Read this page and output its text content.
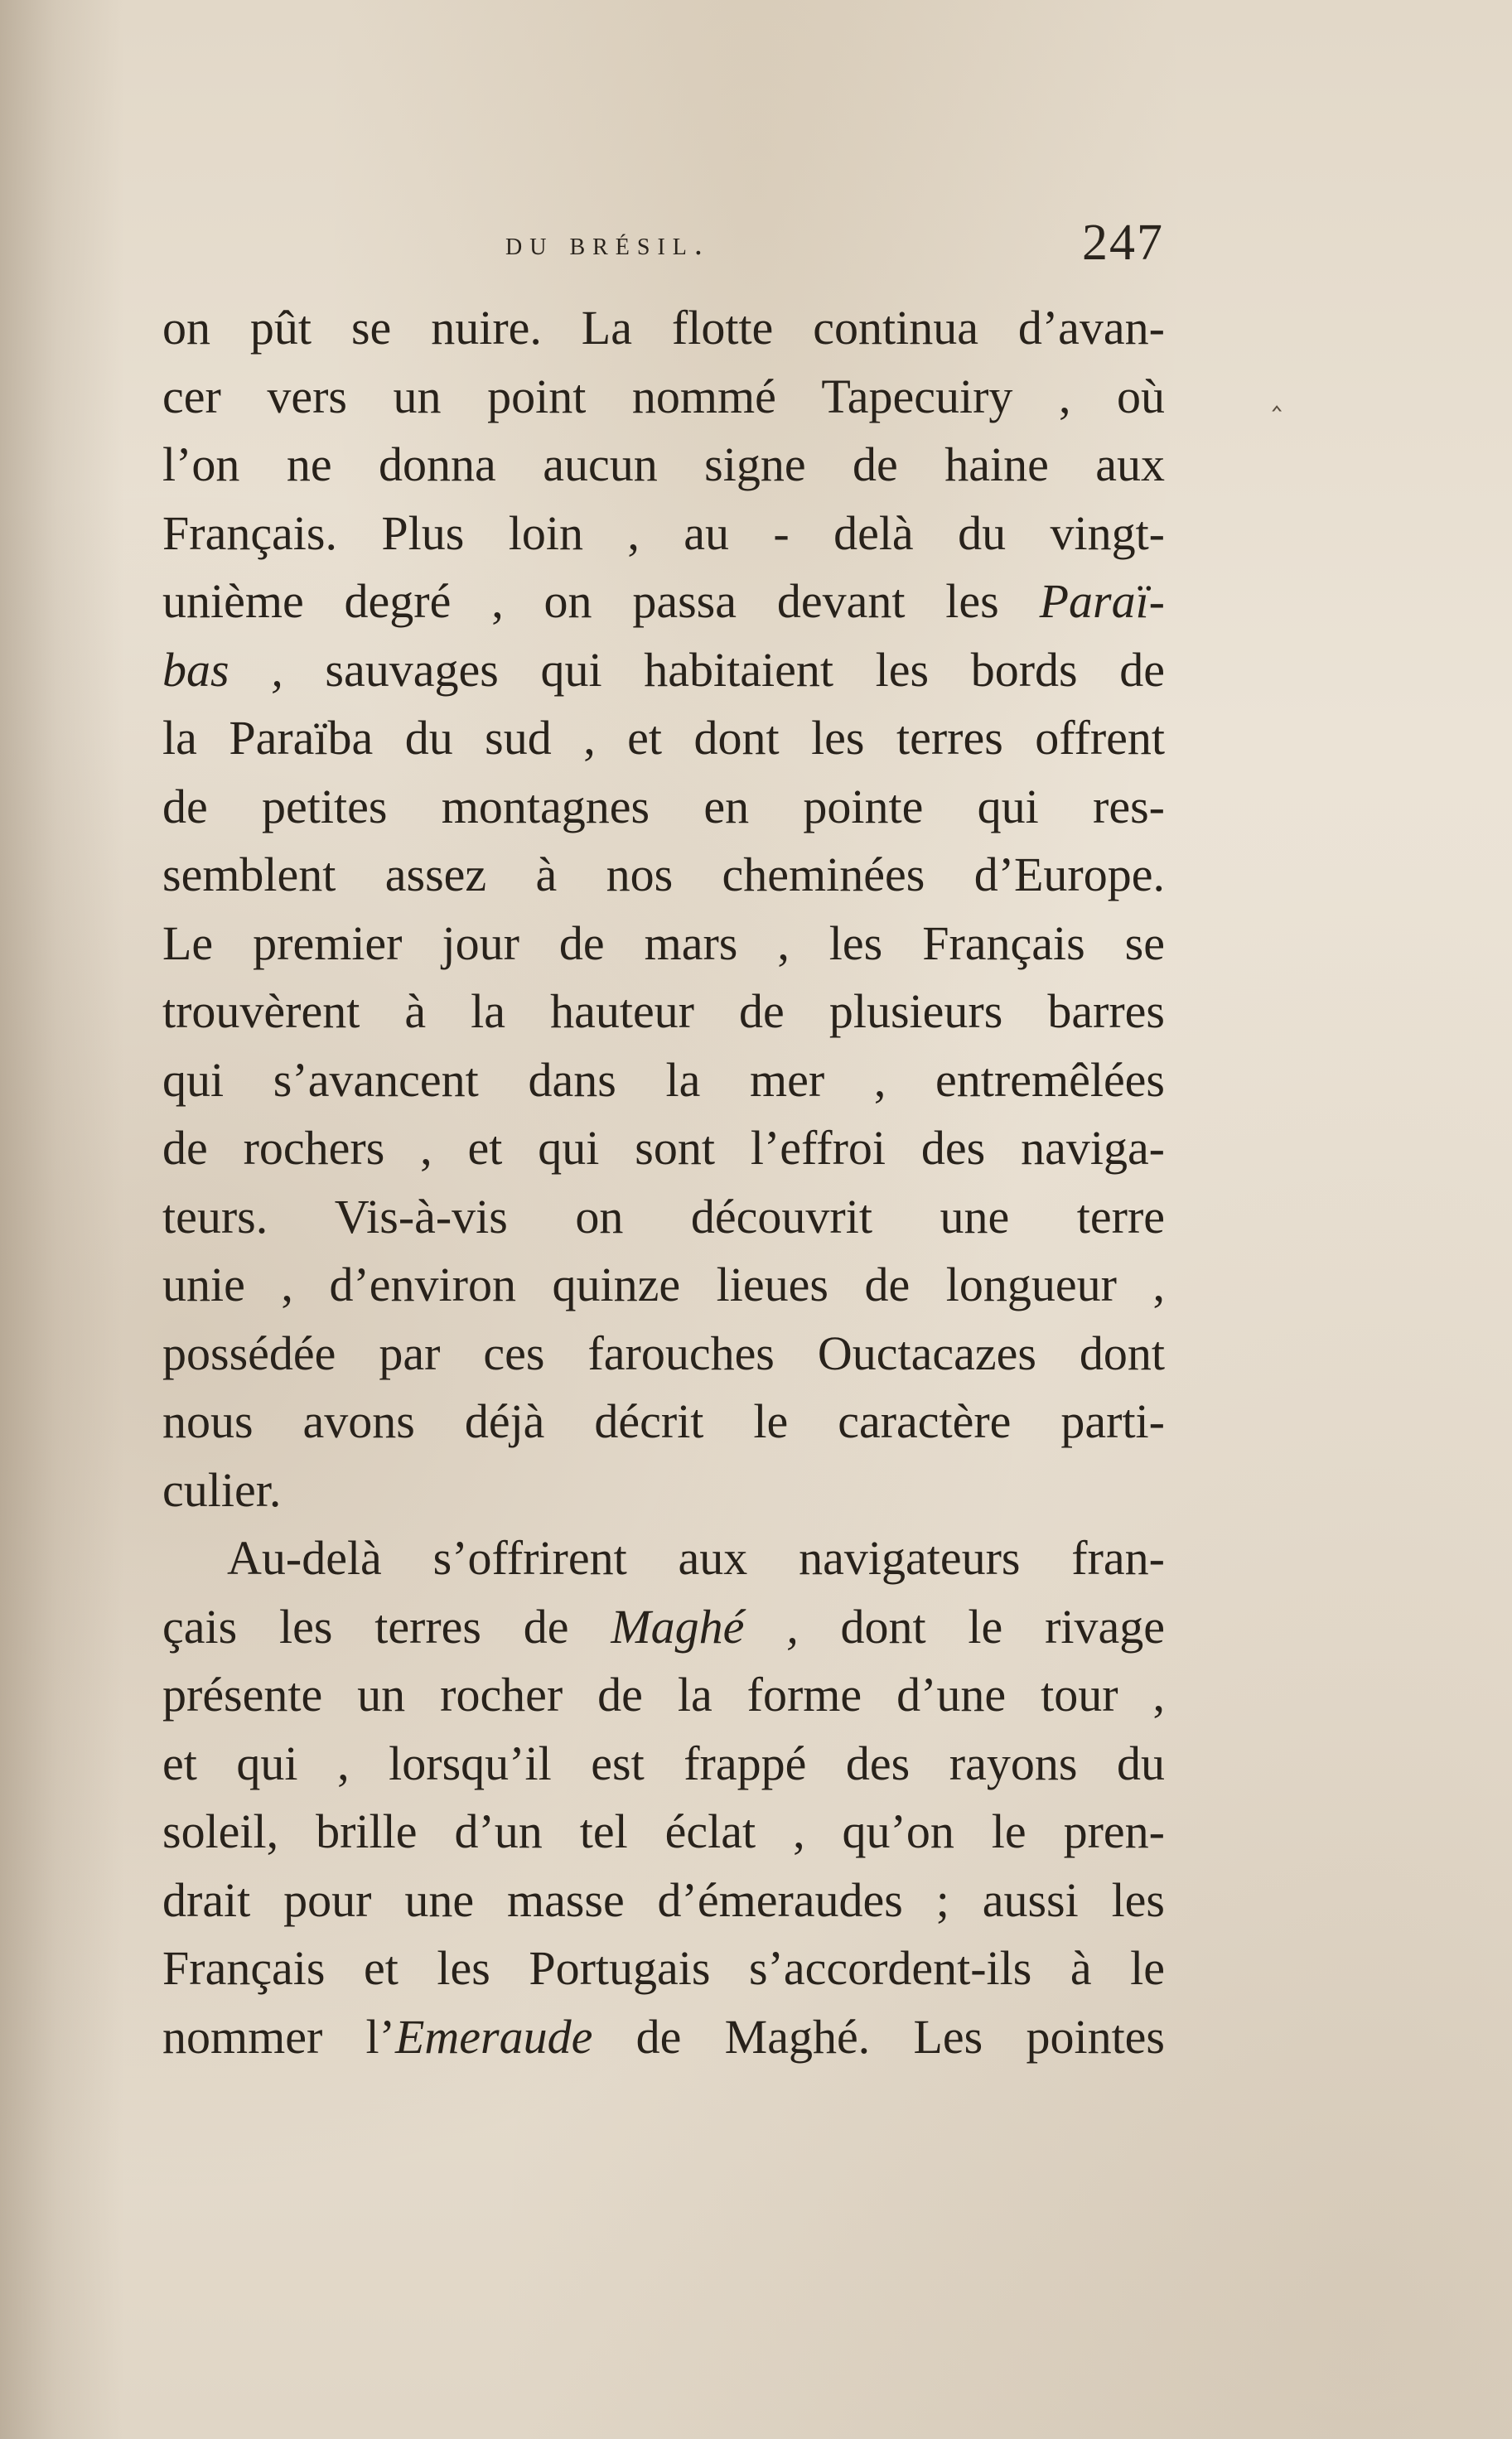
du brésil.	247
on pût se nuire. La flotte continua d’avan-
cer vers un point nommé Tapecuiry , où
l’on ne donna aucun signe de haine aux
Français. Plus loin , au - delà du vingt-
unième degré , on passa devant les Paraï-
bas , sauvages qui habitaient les bords de
la Paraïba du sud , et dont les terres offrent
de petites montagnes en pointe qui res-
semblent assez à nos cheminées d’Europe.
Le premier jour de mars , les Français se
trouvèrent à la hauteur de plusieurs barres
qui s’avancent dans la mer , entremêlées
de rochers , et qui sont l’effroi des naviga-
teurs. Vis-à-vis on découvrit une terre
unie , d’environ quinze lieues de longueur ,
possédée par ces farouches Ouctacazes dont
nous avons déjà décrit le caractère parti-
culier.
Au-delà s’offrirent aux navigateurs fran-
çais les terres de Maghé , dont le rivage
présente un rocher de la forme d’une tour ,
et qui , lorsqu’il est frappé des rayons du
soleil, brille d’un tel éclat , qu’on le pren-
drait pour une masse d’émeraudes ; aussi les
Français et les Portugais s’accordent-ils à le
nommer l’Emeraude de Maghé. Les pointes
‸
